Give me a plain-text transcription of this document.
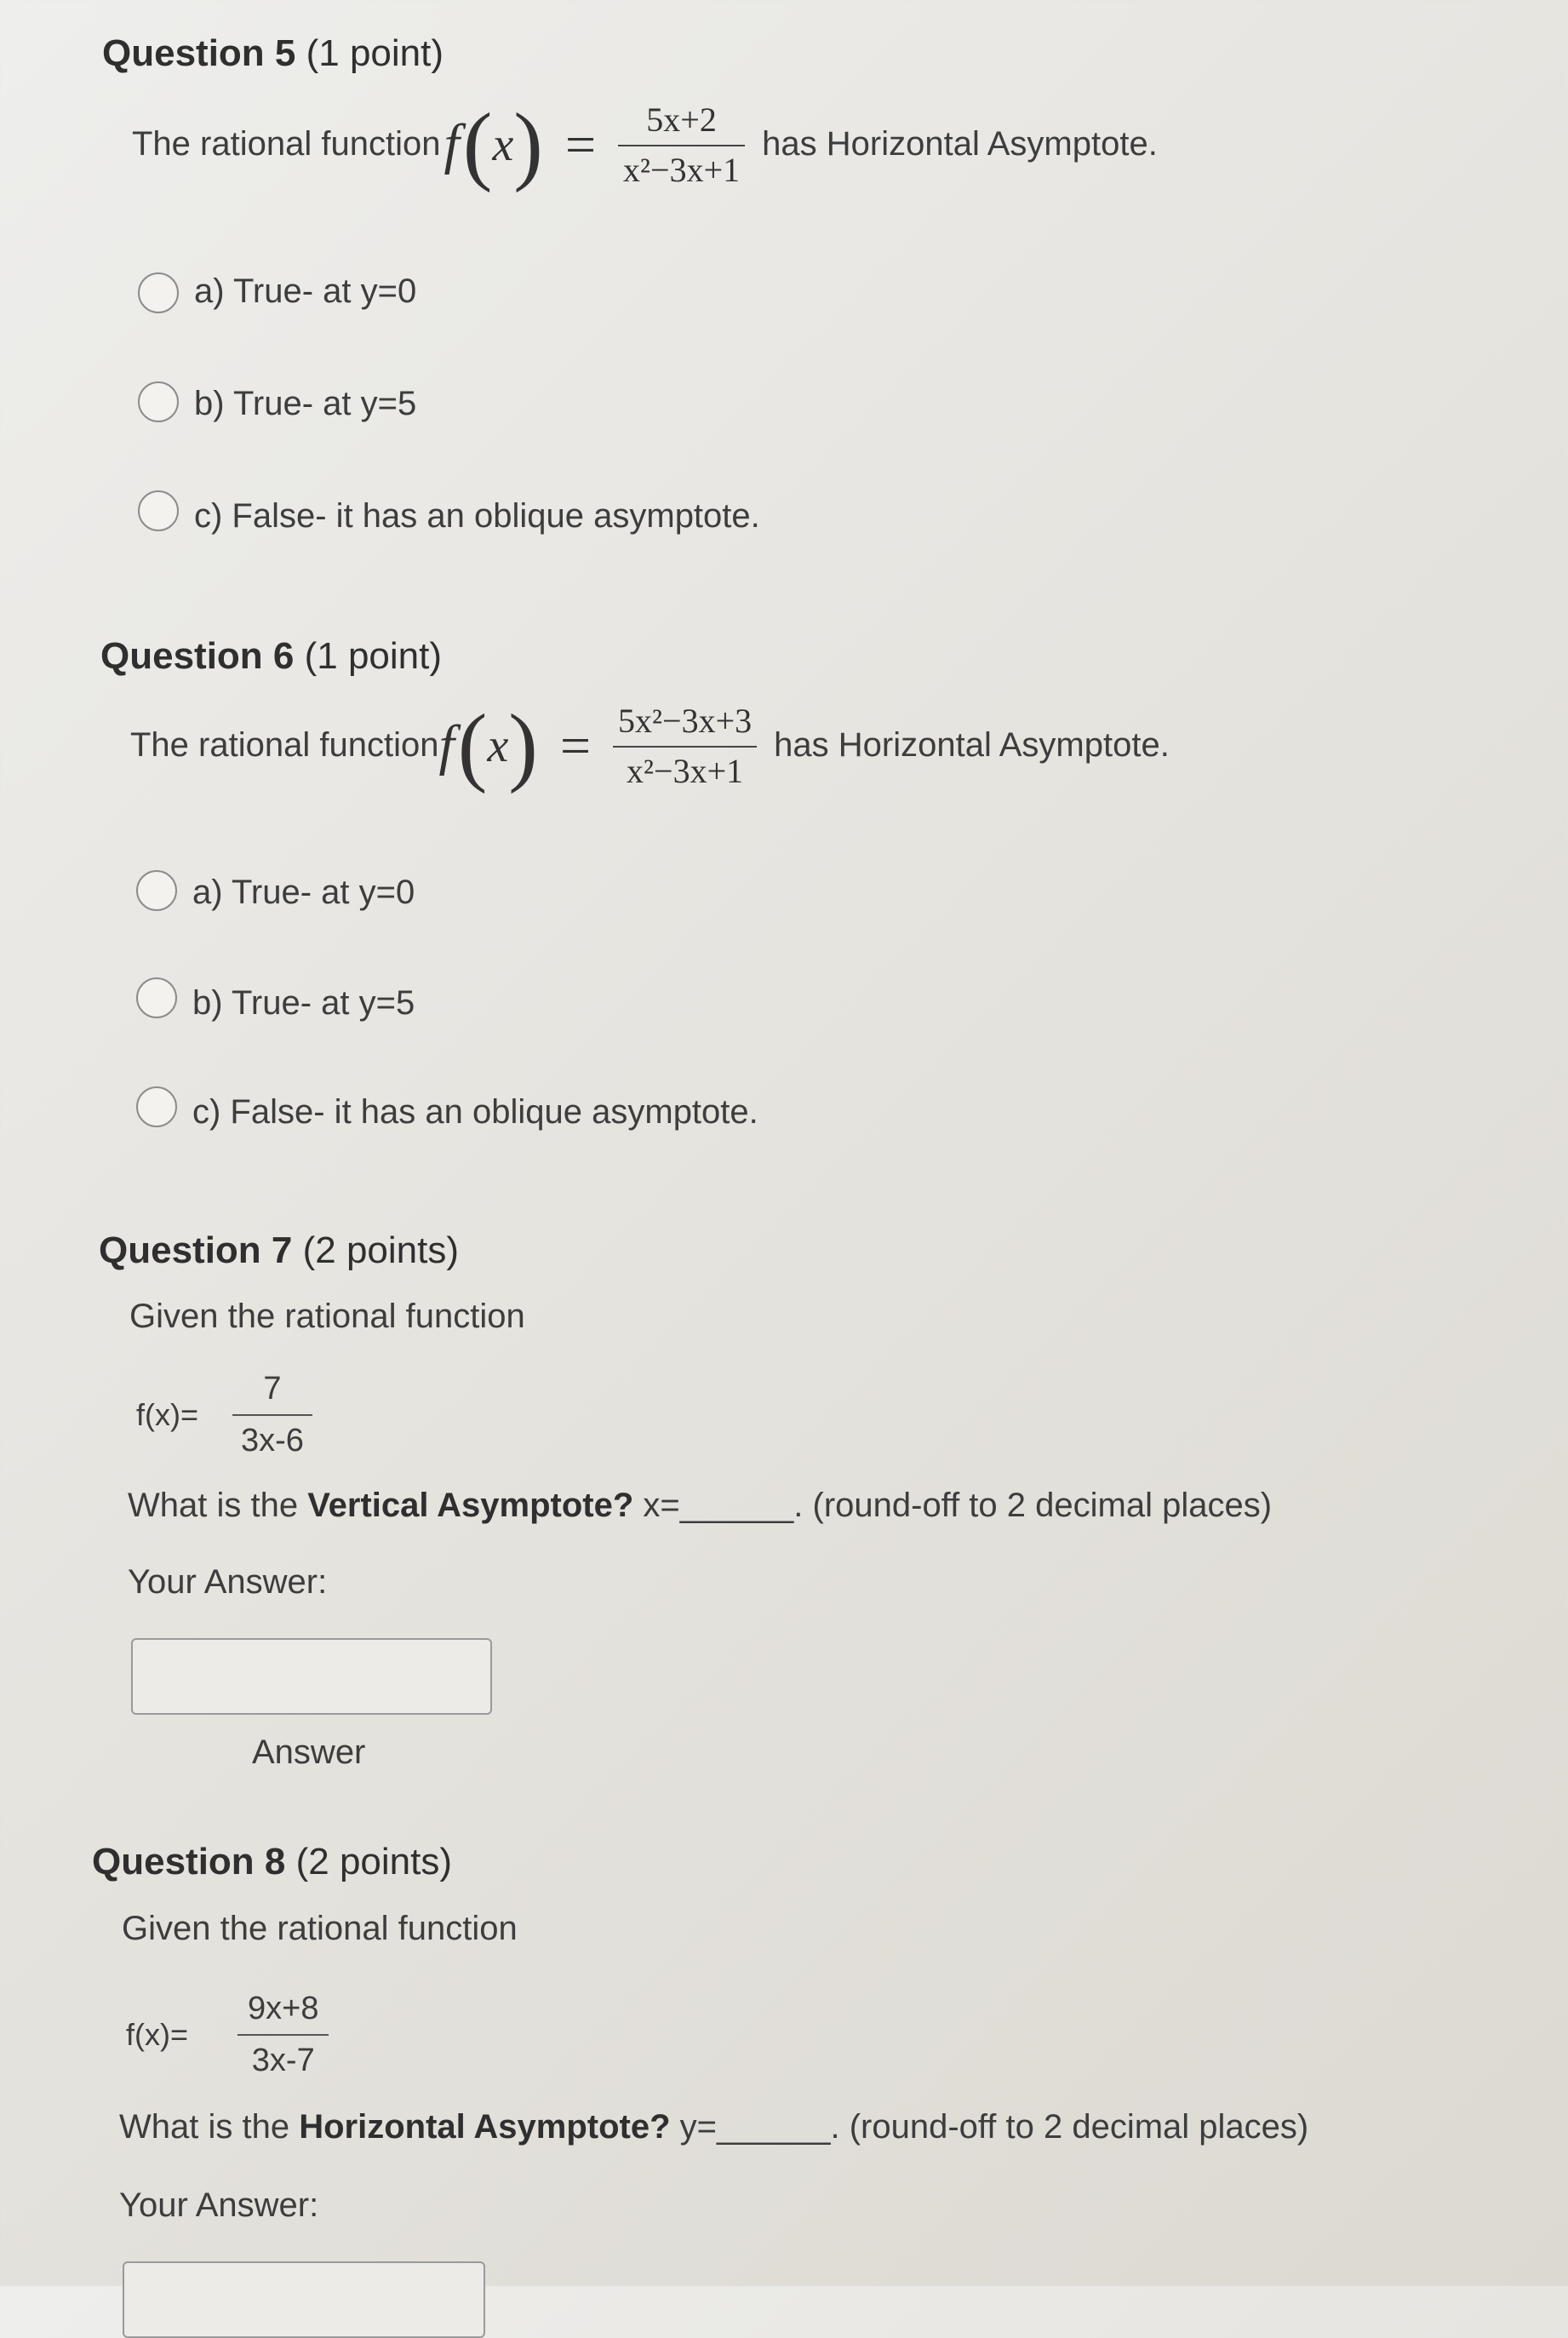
Question 5 (1 point)
The rational function f ( x ) = $\frac{5x+2}{\text{x²−3x+1}}$ has Horizontal Asymptote.
a) True- at y=0
b) True- at y=5
c) False- it has an oblique asymptote.
Question 6 (1 point)
The rational function f ( x ) = $\frac{\text{5x²−3x+3}}{\text{x²−3x+1}}$ has Horizontal Asymptote.
a) True- at y=0
b) True- at y=5
c) False- it has an oblique asymptote.
Question 7 (2 points)
Given the rational function
$f(x)= \frac{7}{3x-6}$
What is the Vertical Asymptote? x=______. (round-off to 2 decimal places)
Your Answer:
Answer
Question 8 (2 points)
Given the rational function
$f(x)= \frac{9x+8}{3x-7}$
What is the Horizontal Asymptote? y=______. (round-off to 2 decimal places)
Your Answer:
